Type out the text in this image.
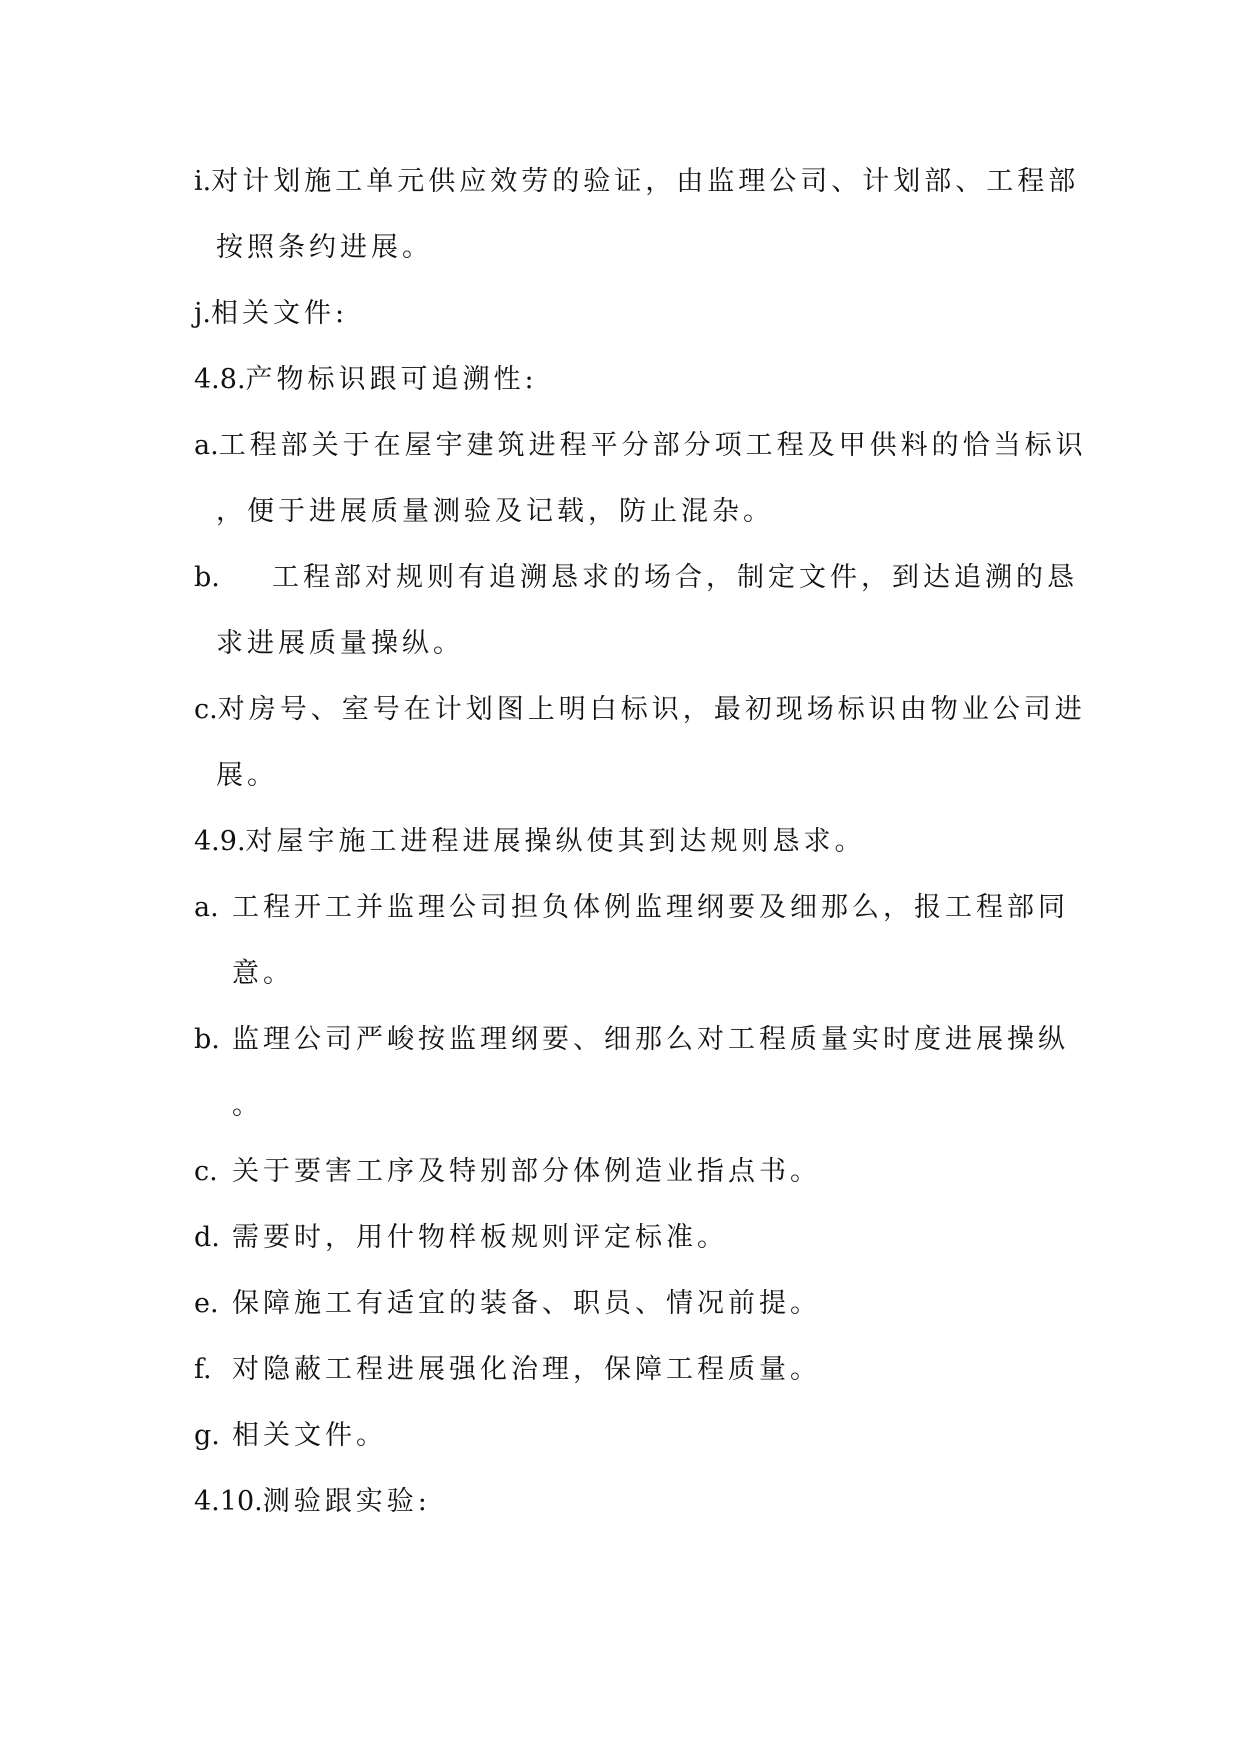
i.对计划施工单元供应效劳的验证，由监理公司、计划部、工程部
按照条约进展。
j.相关文件:
4.8.产物标识跟可追溯性:
a.工程部关于在屋宇建筑进程平分部分项工程及甲供料的恰当标识
，便于进展质量测验及记载，防止混杂。
b. 工程部对规则有追溯恳求的场合，制定文件，到达追溯的恳
求进展质量操纵。
c.对房号、室号在计划图上明白标识，最初现场标识由物业公司进
展。
4.9.对屋宇施工进程进展操纵使其到达规则恳求。
a. 工程开工并监理公司担负体例监理纲要及细那么，报工程部同
意。
b. 监理公司严峻按监理纲要、细那么对工程质量实时度进展操纵
。
c. 关于要害工序及特别部分体例造业指点书。
d. 需要时，用什物样板规则评定标准。
e. 保障施工有适宜的装备、职员、情况前提。
f. 对隐蔽工程进展强化治理，保障工程质量。
g. 相关文件。
4.10.测验跟实验:
